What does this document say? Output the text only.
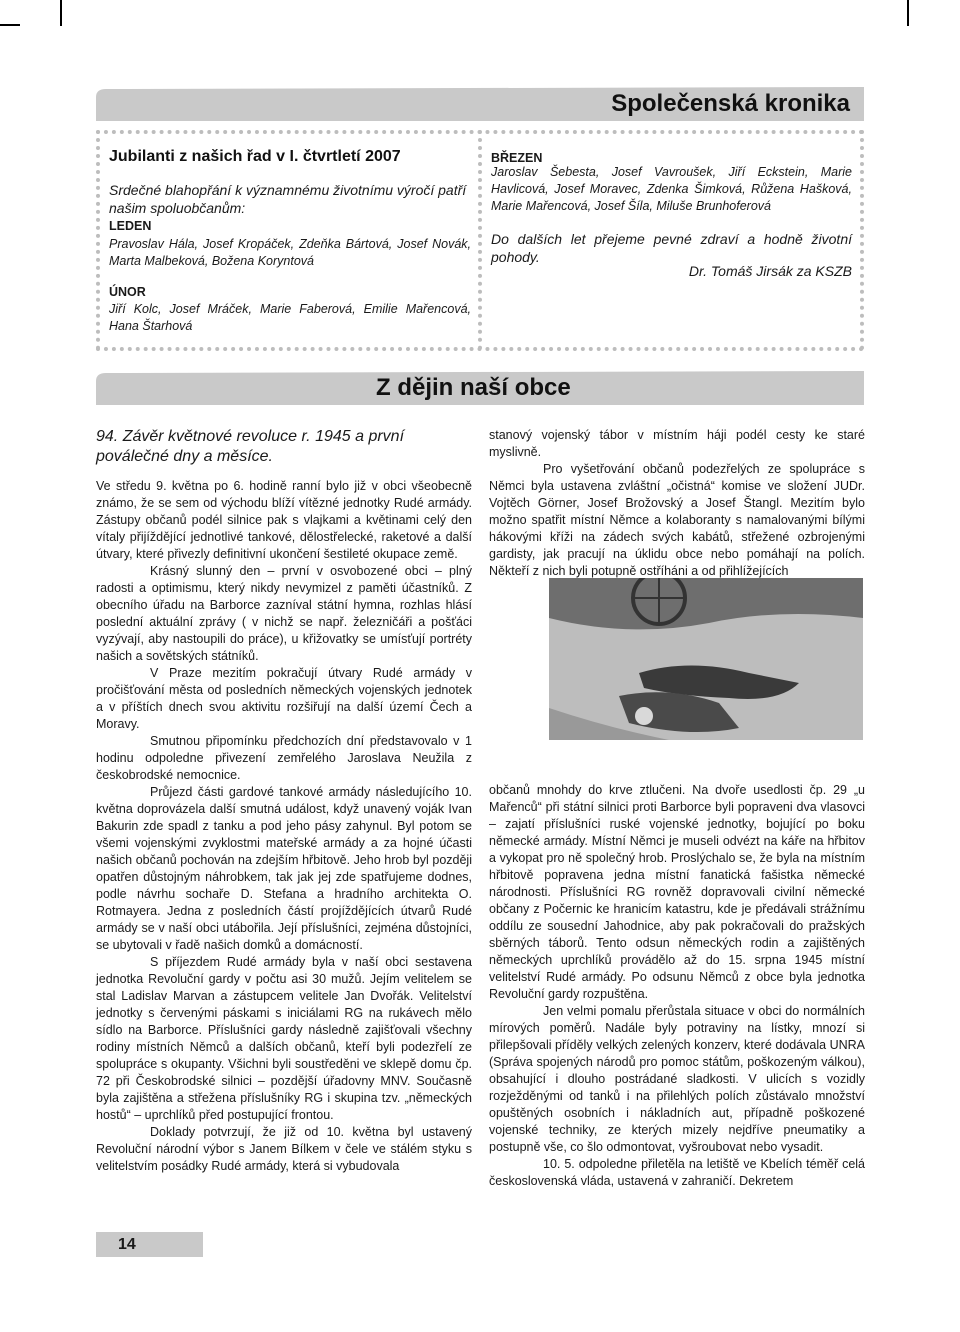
Společenská kronika
Jubilanti z našich řad v I. čtvrtletí 2007
Srdečné blahopřání k významnému životnímu výročí patří našim spoluobčanům:
LEDEN
Pravoslav Hála, Josef Kropáček, Zdeňka Bártová, Josef Novák, Marta Malbeková, Božena Koryntová
ÚNOR
Jiří Kolc, Josef Mráček, Marie Faberová, Emilie Mařencová, Hana Štarhová
BŘEZEN
Jaroslav Šebesta, Josef Vavroušek, Jiří Eckstein, Marie Havlicová, Josef Moravec, Zdenka Šimková, Růžena Hašková, Marie Mařencová, Josef Šíla, Miluše Brunhoferová
Do dalších let přejeme pevné zdraví a hodně životní pohody.
Dr. Tomáš Jirsák za KSZB
Z dějin naší obce
94. Závěr květnové revoluce r. 1945 a první poválečné dny a měsíce.

Ve středu 9. května po 6. hodině ranní bylo již v obci všeobecně známo, že se sem od východu blíží vítězné jednotky Rudé armády. Zástupy občanů podél silnice pak s vlajkami a květinami celý den vítaly přijíždějící jednotlivé tankové, dělostřelecké, raketové a další útvary, které přivezly definitivní ukončení šestileté okupace země.

Krásný slunný den – první v osvobozené obci – plný radosti a optimismu, který nikdy nevymizel z paměti účastníků. Z obecního úřadu na Barborce zazníval státní hymna, rozhlas hlásí poslední aktuální zprávy ( v nichž se např. železničáři a pošťáci vyzývají, aby nastoupili do práce), u křižovatky se umísťují portréty našich a sovětských státníků.

V Praze mezitím pokračují útvary Rudé armády v pročišťování města od posledních německých vojenských jednotek a v příštích dnech svou aktivitu rozšiřují na další území Čech a Moravy.

Smutnou připomínku předchozích dní představovalo v 1 hodinu odpoledne přivezení zemřelého Jaroslava Neužila z českobrodské nemocnice.

Průjezd části gardové tankové armády následujícího 10. května doprovázela další smutná událost, když unavený voják Ivan Bakurin zde spadl z tanku a pod jeho pásy zahynul. Byl potom se všemi vojenskými zvyklostmi mateřské armády a za hojné účasti našich občanů pochován na zdejším hřbitově. Jeho hrob byl později opatřen důstojným náhrobkem, tak jak jej zde spatřujeme dodnes, podle návrhu sochaře D. Stefana a hradního architekta O. Rotmayera. Jedna z posledních částí projíždějících útvarů Rudé armády se v naší obci utábořila. Její příslušníci, zejména důstojníci, se ubytovali v řadě našich domků a domácností.

S příjezdem Rudé armády byla v naší obci sestavena jednotka Revoluční gardy v počtu asi 30 mužů. Jejím velitelem se stal Ladislav Marvan a zástupcem velitele Jan Dvořák. Velitelství jednotky s červenými páskami s iniciálami RG na rukávech mělo sídlo na Barborce. Příslušníci gardy následně zajišťovali všechny rodiny místních Němců a dalších občanů, kteří byli podezřelí ze spolupráce s okupanty. Všichni byli soustředěni ve sklepě domu čp. 72 při Českobrodské silnici – pozdější úřadovny MNV. Současně byla zajištěna a střežena příslušníky RG i skupina tzv. „německých hostů“ – uprchlíků před postupující frontou.

Doklady potvrzují, že již od 10. května byl ustavený Revoluční národní výbor s Janem Bílkem v čele ve stálém styku s velitelstvím posádky Rudé armády, která si vybudovala

stanový vojenský tábor v místním háji podél cesty ke staré myslivně.

Pro vyšetřování občanů podezřelých ze spolupráce s Němci byla ustavena zvláštní „očistná“ komise ve složení JUDr. Vojtěch Görner, Josef Brožovský a Josef Štangl. Mezitím bylo možno spatřit místní Němce a kolaboranty s namalovanými bílými hákovými kříži na zádech svých kabátů, střežené ozbrojenými gardisty, jak pracují na úklidu obce nebo pomáhají na polích. Někteří z nich byli potupně ostříháni a od přihlížejících

občanů mnohdy do krve ztlučeni. Na dvoře usedlosti čp. 29 „u Mařenců“ při státní silnici proti Barborce byli popraveni dva vlasovci – zajatí příslušníci ruské vojenské jednotky, bojující po boku německé armády. Místní Němci je museli odvézt na káře na hřbitov a vykopat pro ně společný hrob. Proslýchalo se, že byla na místním hřbitově popravena jedna místní fanatická fašistka německé národnosti. Příslušníci RG rovněž dopravovali civilní německé občany z Počernic ke hranicím katastru, kde je předávali strážnímu oddílu ze sousední Jahodnice, aby pak pokračovali do pražských sběrných táborů. Tento odsun německých rodin a zajištěných německých uprchlíků provádělo až do 15. srpna 1945 místní velitelství Rudé armády. Po odsunu Němců z obce byla jednotka Revoluční gardy rozpuštěna.

Jen velmi pomalu přerůstala situace v obci do normálních mírových poměrů. Nadále byly potraviny na lístky, mnozí si přilepšovali příděly velkých zelených konzerv, které dodávala UNRA (Správa spojených národů pro pomoc státům, poškozeným válkou), obsahující i dlouho postrádané sladkosti. V ulicích s vozidly rozježděnými od tanků i na přilehlých polích zůstávalo množství opuštěných osobních i nákladních aut, případně poškozené vojenské techniky, ze kterých mizely nejdříve pneumatiky a postupně vše, co šlo odmontovat, vyšroubovat nebo vysadit.

10. 5. odpoledne přiletěla na letiště ve Kbelích téměř celá československá vláda, ustavená v zahraničí. Dekretem

14
